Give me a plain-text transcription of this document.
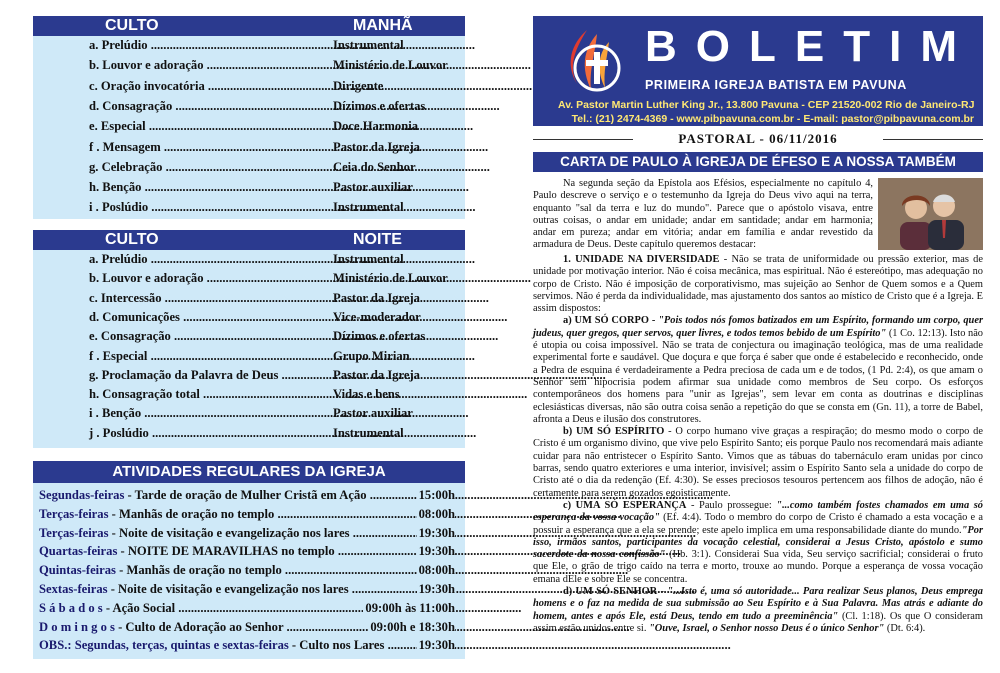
CULTO	MANHÃ
a. Prelúdio .....	Instrumental
b. Louvor e adoração .....	Ministério de Louvor
c. Oração invocatória .....	Dirigente
d. Consagração .....	Dízimos e ofertas
e. Especial .....	Doce Harmonia
f . Mensagem .....	Pastor da Igreja
g. Celebração .....	Ceia do Senhor
h. Benção .....	Pastor auxiliar
i . Poslúdio .....	Instrumental
CULTO	NOITE
a. Prelúdio .....	Instrumental
b. Louvor e adoração .....	Ministério de Louvor
c. Intercessão .....	Pastor da Igreja
d. Comunicações .....	Vice-moderador
e. Consagração .....	Dízimos e ofertas
f . Especial .....	Grupo Mirian
g. Proclamação da Palavra de Deus .....	Pastor da Igreja
h. Consagração total .....	Vidas e bens
i . Benção .....	Pastor auxiliar
j . Poslúdio .....	Instrumental
ATIVIDADES REGULARES DA IGREJA
Segundas-feiras - Tarde de oração de Mulher Cristã em Ação .....	15:00h
Terças-feiras - Manhãs de oração no templo .....	08:00h
Terças-feiras - Noite de visitação e evangelização nos lares .....	19:30h
Quartas-feiras - NOITE DE MARAVILHAS no templo .....	19:30h
Quintas-feiras - Manhãs de oração no templo .....	08:00h
Sextas-feiras - Noite de visitação e evangelização nos lares .....	19:30h
S á b a d o s - Ação Social .....	09:00h às 11:00h
D o m i n g o s - Culto de Adoração ao Senhor .....	09:00h e 18:30h
OBS.: Segundas, terças, quintas e sextas-feiras - Culto nos Lares .....	19:30h
BOLETIM
PRIMEIRA IGREJA BATISTA EM PAVUNA
Av. Pastor Martin Luther King Jr., 13.800 Pavuna - CEP 21520-002 Rio de Janeiro-RJ
Tel.: (21) 2474-4369 - www.pibpavuna.com.br - E-mail: pastor@pibpavuna.com.br
PASTORAL - 06/11/2016
CARTA DE PAULO À IGREJA DE ÉFESO E A NOSSA TAMBÉM
Na segunda seção da Epístola aos Efésios, especialmente no capítulo 4, Paulo descreve o serviço e o testemunho da Igreja do Deus vivo aqui na terra, enquanto "sal da terra e luz do mundo". Parece que o apóstolo visava, entre outras coisas, o andar em unidade; andar em santidade; andar em harmonia; andar em pureza; andar em vitória; andar em família e andar revestido da armadura de Deus. Deste capítulo queremos destacar:
1. UNIDADE NA DIVERSIDADE - Não se trata de uniformidade ou pressão exterior, mas de unidade por motivação interior. Não é coisa mecânica, mas espiritual. Não é estereótipo, mas adequação no corpo de Cristo. Não é imposição de corporativismo, mas sujeição ao Senhor de Quem somos e a Quem servimos. Não é perda da individualidade, mas ajustamento dos santos ao místico de Cristo que é a Igreja. E assim dispostos:
a) UM SÓ CORPO - "Pois todos nós fomos batizados em um Espírito, formando um corpo, quer judeus, quer gregos, quer servos, quer livres, e todos temos bebido de um Espírito" (1 Co. 12:13). Isto não é utopia ou coisa impossível. Não se trata de conjectura ou imaginação teológica, mas de uma realidade experimental forte e saudável. Que doçura e que força é saber que onde é estabelecido e reconhecido, onde a Pedra de esquina é verdadeiramente a Pedra preciosa de cada um e de todos, (1 Pd. 2:4), os que amam o Senhor sem hipocrisia podem afirmar sua unidade como membros de Seu corpo. Os esforços contemporâneos dos homens para "unir as Igrejas", sem levar em conta as doutrinas e disciplinas eclesiásticas diversas, não são outra coisa senão a repetição do que se consta em (Gn. 11), a torre de Babel, afronta a Deus e ilusão dos construtores.
b) UM SÓ ESPÍRITO - O corpo humano vive graças a respiração; do mesmo modo o corpo de Cristo é um organismo divino, que vive pelo Espírito Santo; eis porque Paulo nos recomendará mais adiante cuidar para não entristecer o Espírito Santo. Vimos que as tábuas do tabernáculo eram unidas por cinco barras, sendo quatro exteriores e uma interior, invisível; assim o Espírito Santo sela a unidade do corpo de Cristo até o dia da redenção (Ef. 4:30). Se esses preciosos tesouros pertencem aos filhos de adoção, não é certamente para serem gozados egoisticamente.
c) UMA SÓ ESPERANÇA - Paulo prossegue: "...como também fostes chamados em uma só esperança da vossa vocação" (Ef. 4:4). Todo o membro do corpo de Cristo é chamado a esta vocação e a possuir a esperança que a ela se prende; este apelo implica em uma responsabilidade diante do mundo."Por isso, irmãos santos, participantes da vocação celestial, considerai a Jesus Cristo, apóstolo e sumo sacerdote da nossa confissão" (Hb. 3:1). Considerai Sua vida, Seu serviço sacrificial; considerai o fruto que Ele, o grão de trigo caído na terra e morto, trouxe ao mundo. Porque a esperança de vossa vocação emana dEle e sobre Ele se concentra.
d) UM SÓ SENHOR - "...Isto é, uma só autoridade... Para realizar Seus planos, Deus emprega homens e o faz na medida de sua submissão ao Seu Espírito e à Sua Palavra. Mas atrás e adiante do homem, antes e após Ele, está Deus, tendo em tudo a preeminência" (Cl. 1:18). Os que O consideram assim estão unidos entre si. "Ouve, Israel, o Senhor nosso Deus é o único Senhor" (Dt. 6:4).
